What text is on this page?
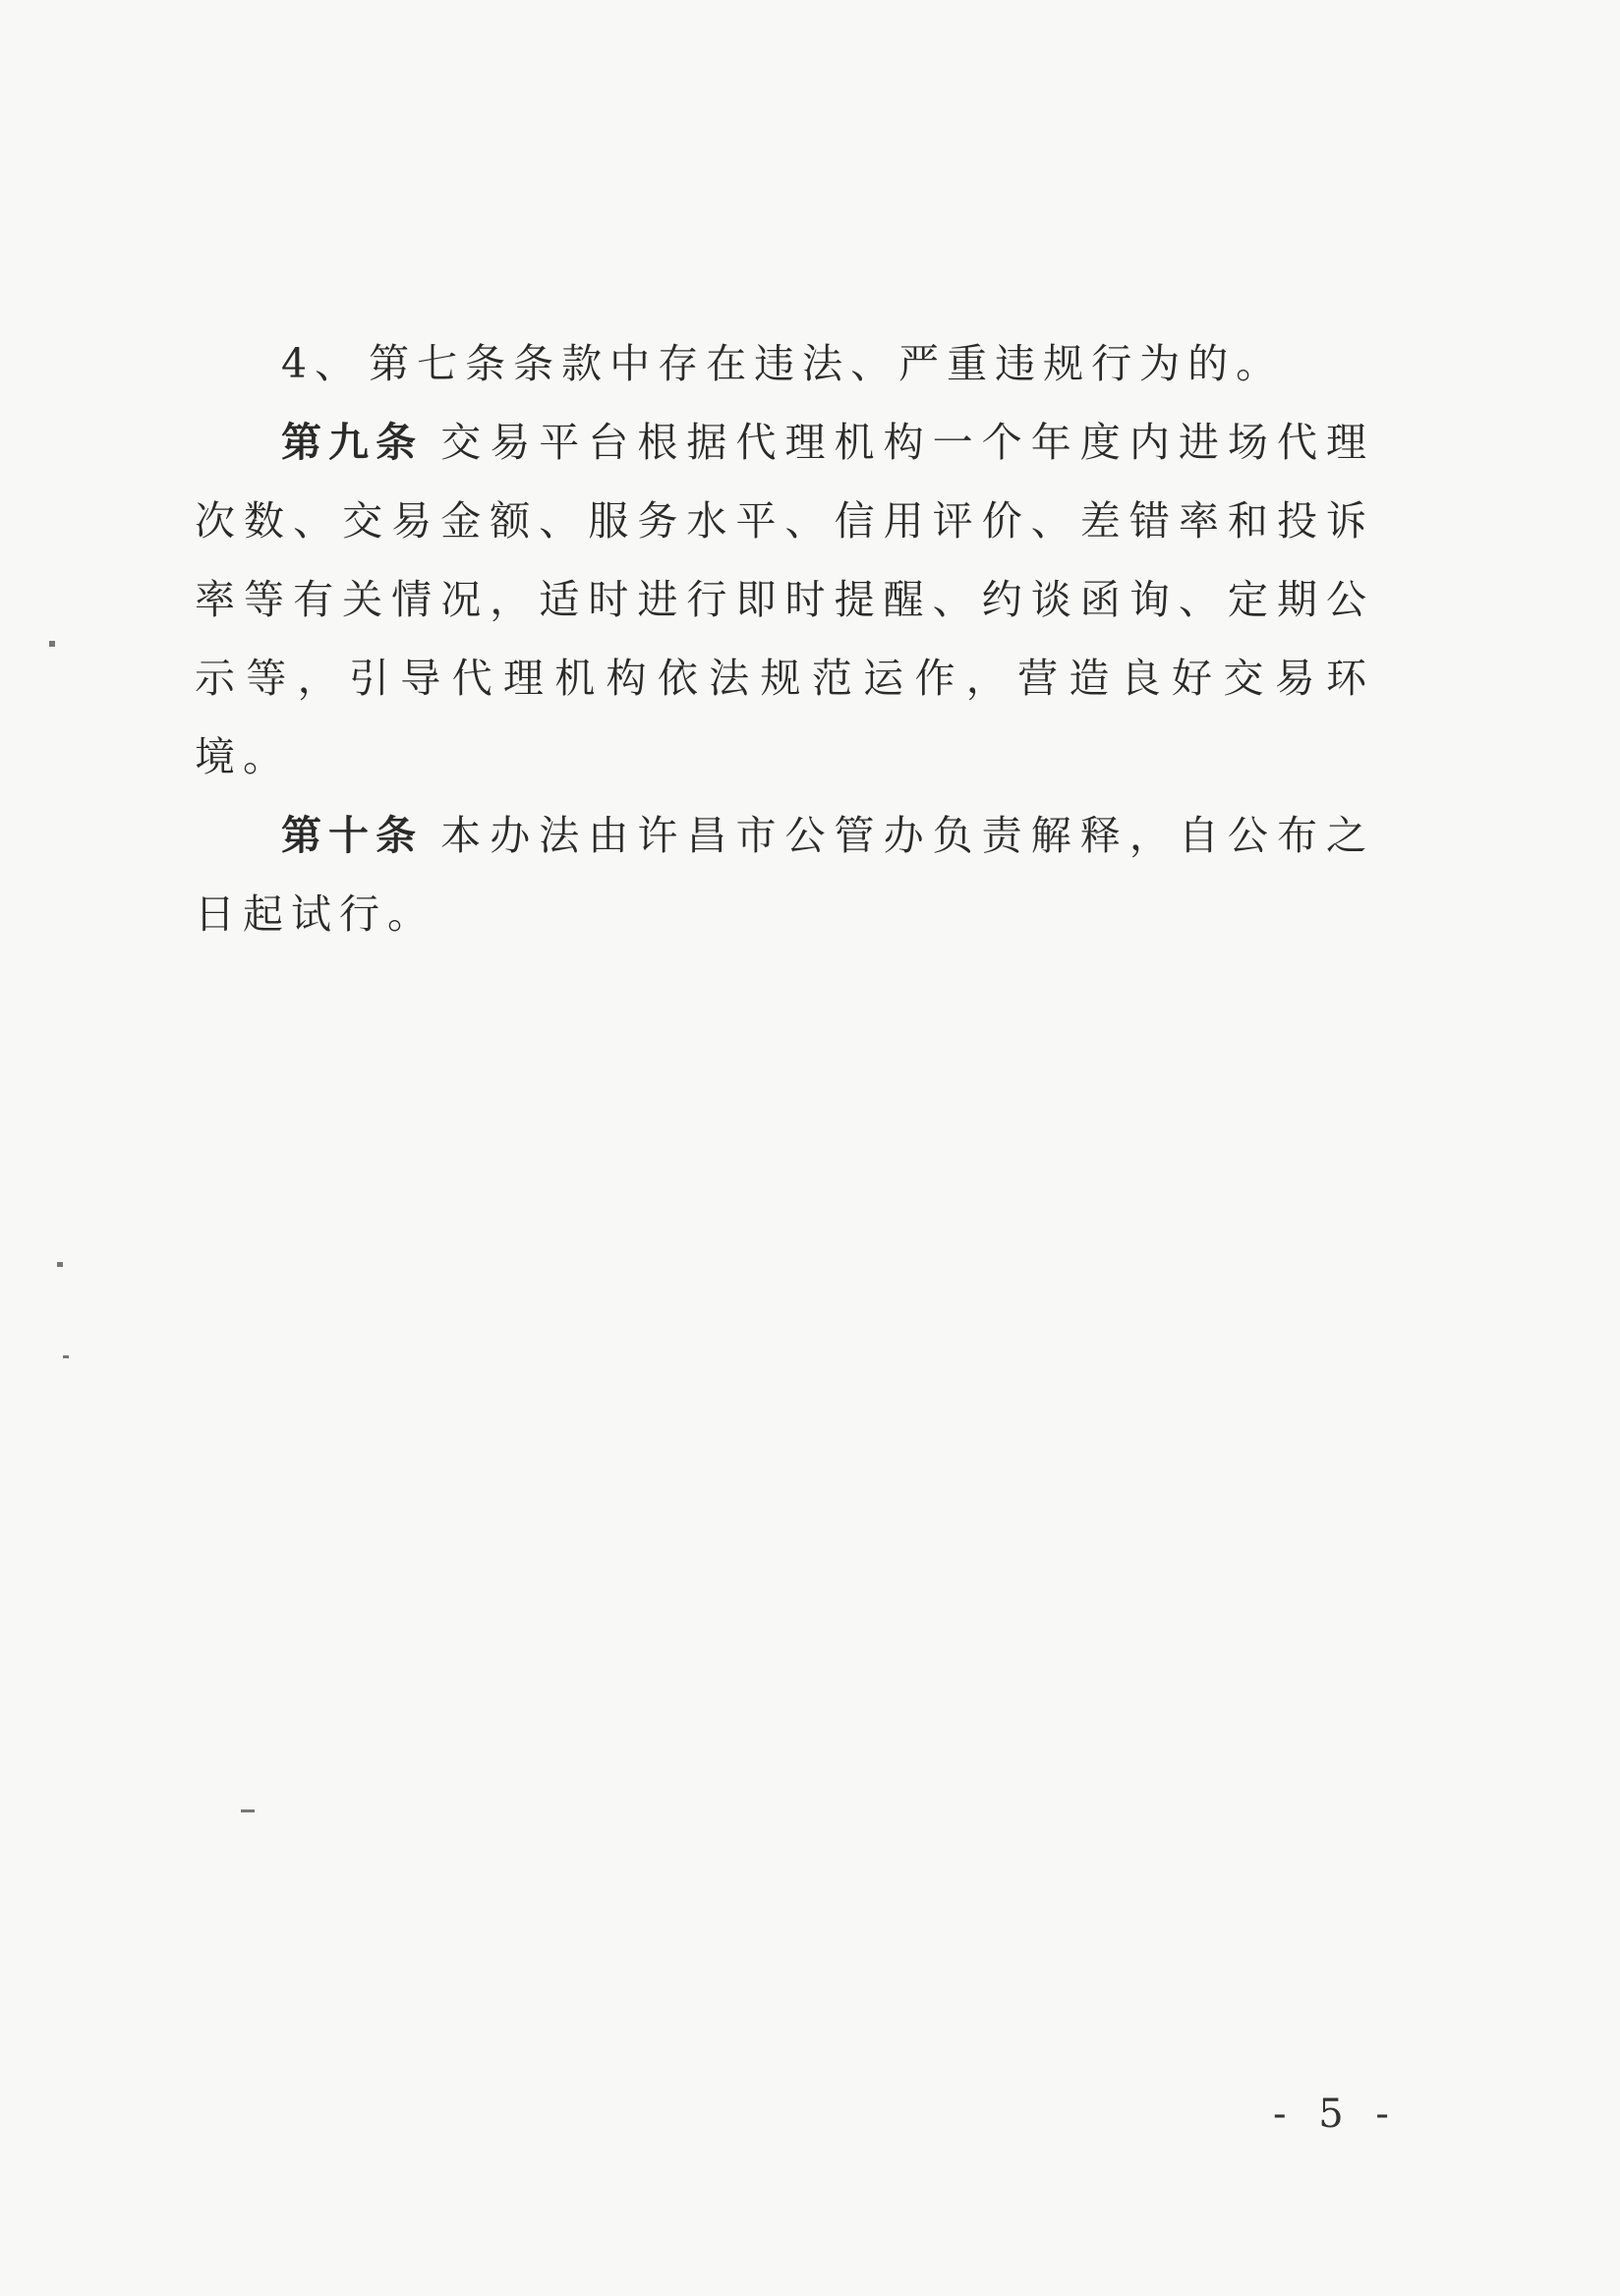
4、 第七条条款中存在违法、严重违规行为的。

第九条 交易平台根据代理机构一个年度内进场代理次数、交易金额、服务水平、信用评价、差错率和投诉率等有关情况，适时进行即时提醒、约谈函询、定期公示等，引导代理机构依法规范运作，营造良好交易环境。

第十条 本办法由许昌市公管办负责解释，自公布之日起试行。

- 5 -
